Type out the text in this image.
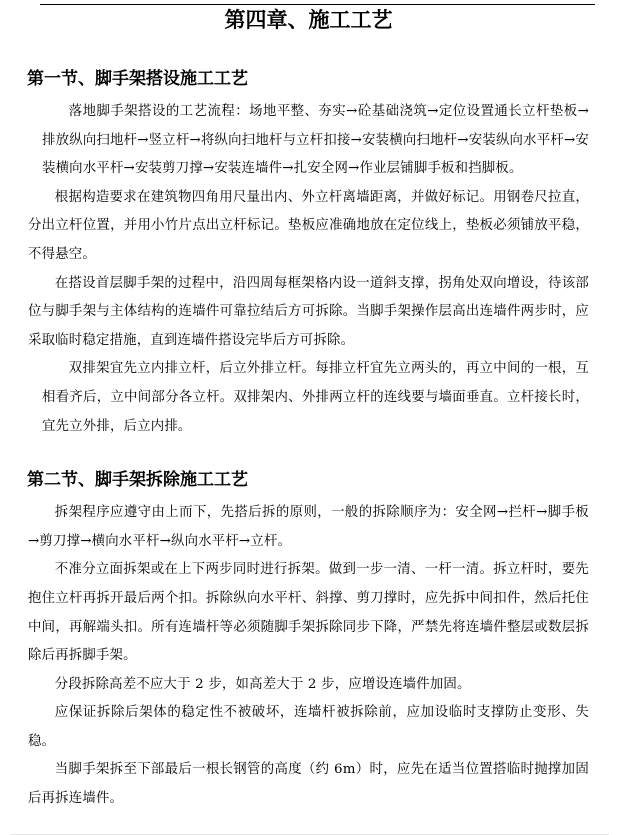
第四章、施工工艺
第一节、脚手架搭设施工工艺

落地脚手架搭设的工艺流程：场地平整、夯实→砼基础浇筑→定位设置通长立杆垫板→排放纵向扫地杆→竖立杆→将纵向扫地杆与立杆扣接→安装横向扫地杆→安装纵向水平杆→安装横向水平杆→安装剪刀撑→安装连墙件→扎安全网→作业层铺脚手板和挡脚板。

根据构造要求在建筑物四角用尺量出内、外立杆离墙距离，并做好标记。用钢卷尺拉直，分出立杆位置，并用小竹片点出立杆标记。垫板应准确地放在定位线上，垫板必须铺放平稳，不得悬空。

在搭设首层脚手架的过程中，沿四周每框架格内设一道斜支撑，拐角处双向增设，待该部位与脚手架与主体结构的连墙件可靠拉结后方可拆除。当脚手架操作层高出连墙件两步时，应采取临时稳定措施，直到连墙件搭设完毕后方可拆除。

双排架宜先立内排立杆，后立外排立杆。每排立杆宜先立两头的，再立中间的一根，互相看齐后，立中间部分各立杆。双排架内、外排两立杆的连线要与墙面垂直。立杆接长时，宜先立外排，后立内排。

第二节、脚手架拆除施工工艺

拆架程序应遵守由上而下，先搭后拆的原则，一般的拆除顺序为：安全网→拦杆→脚手板→剪刀撑→横向水平杆→纵向水平杆→立杆。

不准分立面拆架或在上下两步同时进行拆架。做到一步一清、一杆一清。拆立杆时，要先抱住立杆再拆开最后两个扣。拆除纵向水平杆、斜撑、剪刀撑时，应先拆中间扣件，然后托住中间，再解端头扣。所有连墙杆等必须随脚手架拆除同步下降，严禁先将连墙件整层或数层拆除后再拆脚手架。

分段拆除高差不应大于 2 步，如高差大于 2 步，应增设连墙件加固。

应保证拆除后架体的稳定性不被破坏，连墙杆被拆除前，应加设临时支撑防止变形、失稳。

当脚手架拆至下部最后一根长钢管的高度（约 6m）时，应先在适当位置搭临时抛撑加固后再拆连墙件。
